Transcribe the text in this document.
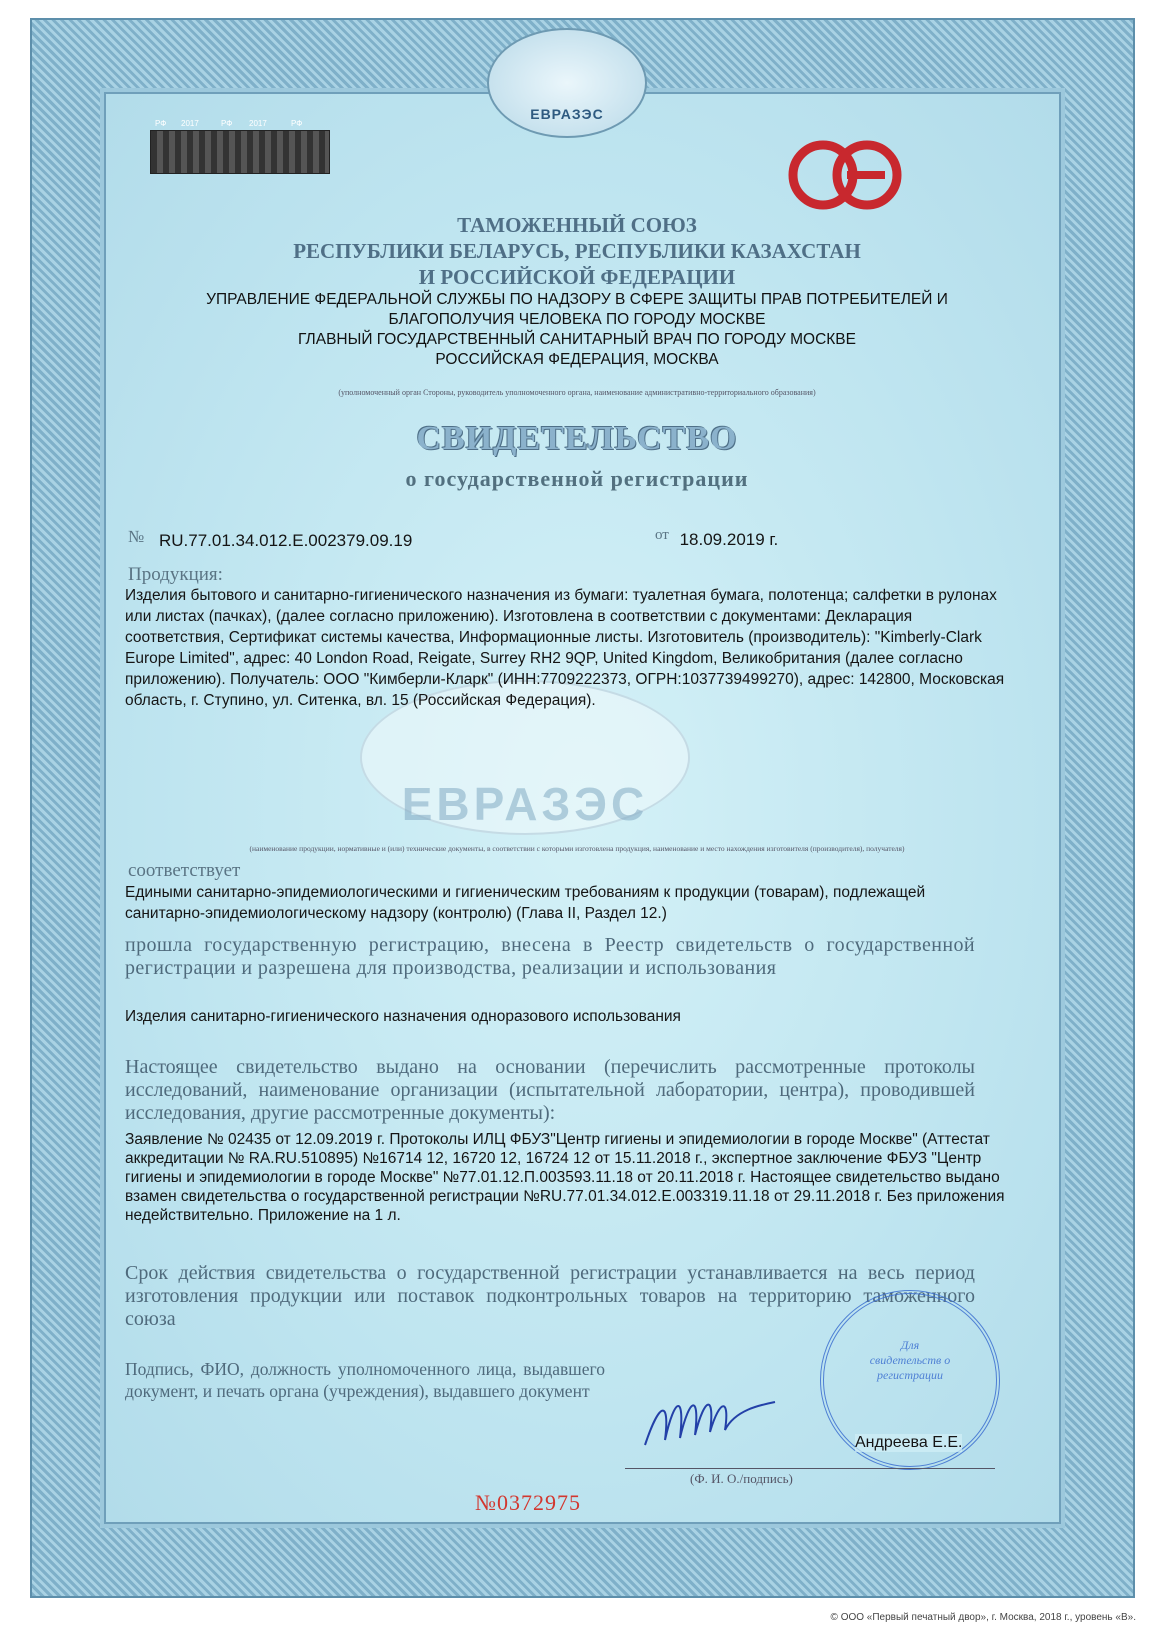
ЕВРАЗЭС
РФ 2017	РФ 2017	РФ
ТАМОЖЕННЫЙ СОЮЗ
РЕСПУБЛИКИ БЕЛАРУСЬ, РЕСПУБЛИКИ КАЗАХСТАН
И РОССИЙСКОЙ ФЕДЕРАЦИИ
УПРАВЛЕНИЕ ФЕДЕРАЛЬНОЙ СЛУЖБЫ ПО НАДЗОРУ В СФЕРЕ ЗАЩИТЫ ПРАВ ПОТРЕБИТЕЛЕЙ И
БЛАГОПОЛУЧИЯ ЧЕЛОВЕКА ПО ГОРОДУ МОСКВЕ
ГЛАВНЫЙ ГОСУДАРСТВЕННЫЙ САНИТАРНЫЙ ВРАЧ ПО ГОРОДУ МОСКВЕ
РОССИЙСКАЯ ФЕДЕРАЦИЯ, МОСКВА
(уполномоченный орган Стороны, руководитель уполномоченного органа, наименование административно-территориального образования)
СВИДЕТЕЛЬСТВО
о государственной регистрации
№ RU.77.01.34.012.E.002379.09.19	от 18.09.2019 г.
ЕВРАЗЭС
Продукция:
Изделия бытового и санитарно-гигиенического назначения из бумаги: туалетная бумага, полотенца; салфетки в рулонах или листах (пачках), (далее согласно приложению). Изготовлена в соответствии с документами: Декларация соответствия, Сертификат системы качества, Информационные листы. Изготовитель (производитель): "Kimberly-Clark Europe Limited", адрес: 40 London Road, Reigate, Surrey RH2 9QP, United Kingdom, Великобритания (далее согласно приложению). Получатель: ООО "Кимберли-Кларк" (ИНН:7709222373, ОГРН:1037739499270), адрес: 142800, Московская область, г. Ступино, ул. Ситенка, вл. 15 (Российская Федерация).
(наименование продукции, нормативные и (или) технические документы, в соответствии с которыми изготовлена продукция, наименование и место нахождения изготовителя (производителя), получателя)
соответствует
Едиными санитарно-эпидемиологическими и гигиеническим требованиям к продукции (товарам), подлежащей санитарно-эпидемиологическому надзору (контролю) (Глава II, Раздел 12.)
прошла государственную регистрацию, внесена в Реестр свидетельств о государственной регистрации и разрешена для производства, реализации и использования
Изделия санитарно-гигиенического назначения одноразового использования
Настоящее свидетельство выдано на основании (перечислить рассмотренные протоколы исследований, наименование организации (испытательной лаборатории, центра), проводившей исследования, другие рассмотренные документы):
Заявление № 02435 от 12.09.2019 г. Протоколы ИЛЦ ФБУЗ"Центр гигиены и эпидемиологии в городе Москве" (Аттестат аккредитации № RA.RU.510895) №16714 12, 16720 12, 16724 12 от 15.11.2018 г., экспертное заключение ФБУЗ "Центр гигиены и эпидемиологии в городе Москве" №77.01.12.П.003593.11.18 от 20.11.2018 г. Настоящее свидетельство выдано взамен свидетельства о государственной регистрации №RU.77.01.34.012.E.003319.11.18 от 29.11.2018 г. Без приложения недействительно. Приложение на 1 л.
Срок действия свидетельства о государственной регистрации устанавливается на весь период изготовления продукции или поставок подконтрольных товаров на территорию таможенного союза
Подпись, ФИО, должность уполномоченного лица, выдавшего документ, и печать органа (учреждения), выдавшего документ
Для свидетельств о регистрации
Андреева Е.Е.
(Ф. И. О./подпись)
№0372975
© ООО «Первый печатный двор», г. Москва, 2018 г., уровень «В».
